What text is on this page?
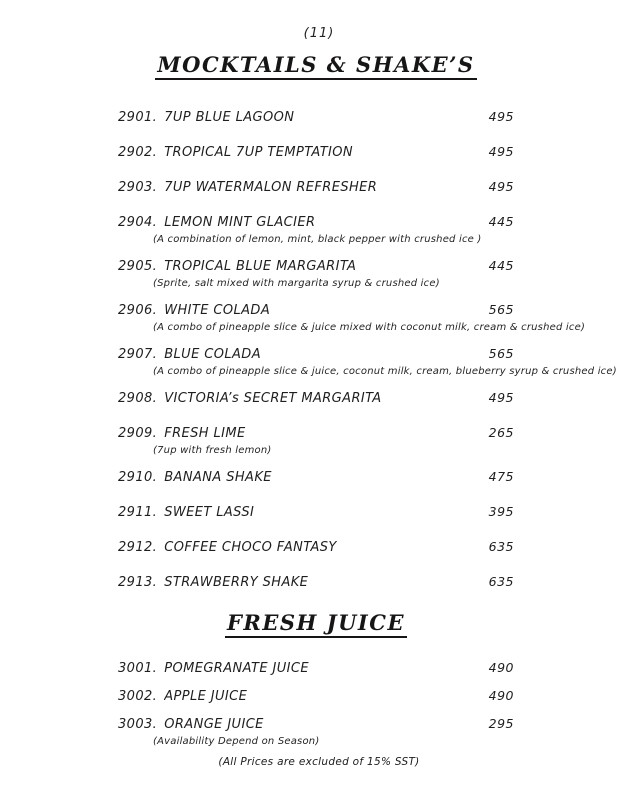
(11)
MOCKTAILS & SHAKE’S
2901. 7UP BLUE LAGOON	495
2902. TROPICAL 7UP TEMPTATION	495
2903. 7UP WATERMALON REFRESHER	495
2904. LEMON MINT GLACIER	445
(A combination of lemon, mint, black pepper with crushed ice )
2905. TROPICAL BLUE MARGARITA	445
(Sprite, salt mixed with margarita syrup & crushed ice)
2906. WHITE COLADA	565
(A combo of pineapple slice & juice mixed with coconut milk, cream & crushed ice)
2907. BLUE COLADA	565
(A combo of pineapple slice & juice, coconut milk, cream, blueberry syrup & crushed ice)
2908. VICTORIA’s SECRET MARGARITA	495
2909. FRESH LIME	265
(7up with fresh lemon)
2910. BANANA SHAKE	475
2911. SWEET LASSI	395
2912. COFFEE CHOCO FANTASY	635
2913. STRAWBERRY SHAKE	635
FRESH JUICE
3001. POMEGRANATE JUICE	490
3002. APPLE JUICE	490
3003. ORANGE JUICE	295
(Availability Depend on Season)
(All Prices are excluded of 15% SST)
